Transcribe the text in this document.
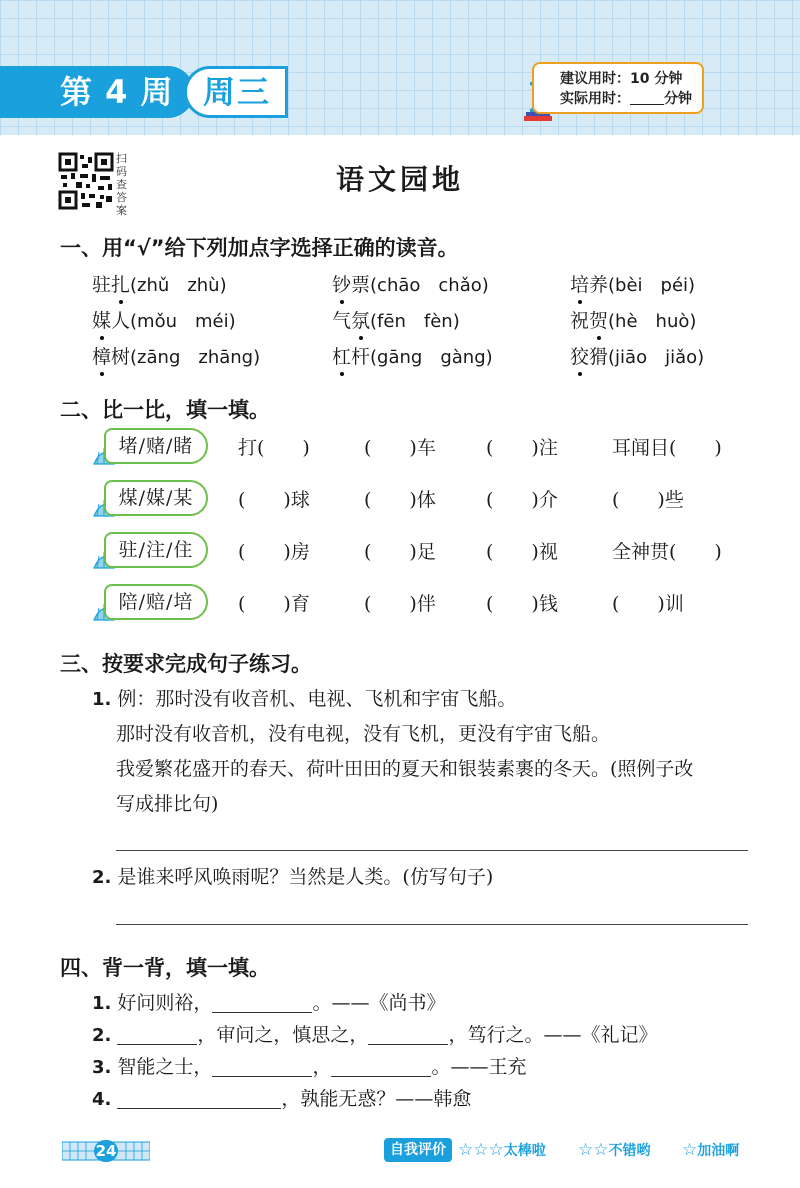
第 4 周 周三	建议用时：10 分钟
实际用时： 分钟
扫
码
查
答
案
语文园地
一、用“√”给下列加点字选择正确的读音。
驻扎(zhǔ　zhù)	钞票(chāo　chǎo)	培养(bèi　péi)
媒人(mǒu　méi)	气氛(fēn　fèn)	祝贺(hè　huò)
樟树(zāng　zhāng)	杠杆(gāng　gàng)	狡猾(jiāo　jiǎo)
二、比一比，填一填。
堵/赌/睹	打(　　)	(　　)车	(　　)注	耳闻目(　　)
煤/媒/某	(　　)球	(　　)体	(　　)介	(　　)些
驻/注/住	(　　)房	(　　)足	(　　)视	全神贯(　　)
陪/赔/培	(　　)育	(　　)伴	(　　)钱	(　　)训
三、按要求完成句子练习。
1. 例：那时没有收音机、电视、飞机和宇宙飞船。
那时没有收音机，没有电视，没有飞机，更没有宇宙飞船。
我爱繁花盛开的春天、荷叶田田的夏天和银装素裹的冬天。(照例子改
写成排比句)
2. 是谁来呼风唤雨呢？当然是人类。(仿写句子)
四、背一背，填一填。
1. 好问则裕，	。——《尚书》
2.	，审问之，慎思之，	，笃行之。——《礼记》
3. 智能之士，	，	。——王充
4.	，孰能无惑？——韩愈
24	自我评价 ☆☆☆太棒啦 ☆☆不错哟 ☆加油啊
